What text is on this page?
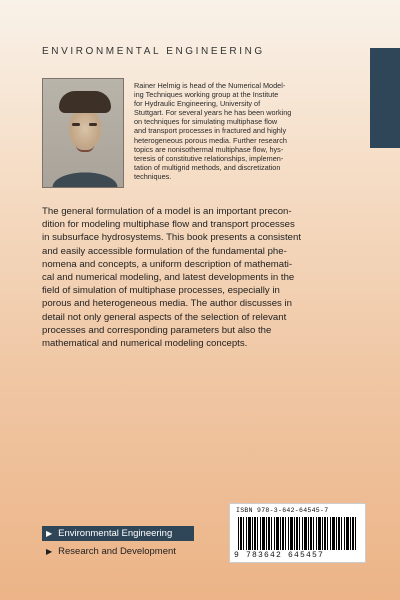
ENVIRONMENTAL ENGINEERING

Rainer Helmig is head of the Numerical Model-
ing Techniques working group at the Institute
for Hydraulic Engineering, University of
Stuttgart. For several years he has been working
on techniques for simulating multiphase flow
and transport processes in fractured and highly
heterogeneous porous media. Further research
topics are nonisothermal multiphase flow, hys-
teresis of constitutive relationships, implemen-
tation of multigrid methods, and discretization
techniques.

The general formulation of a model is an important precon-
dition for modeling multiphase flow and transport processes
in subsurface hydrosystems. This book presents a consistent
and easily accessible formulation of the fundamental phe-
nomena and concepts, a uniform description of mathemati-
cal and numerical modeling, and latest developments in the
field of simulation of multiphase processes, especially in
porous and heterogeneous media. The author discusses in
detail not only general aspects of the selection of relevant
processes and corresponding parameters but also the
mathematical and numerical modeling concepts.

▶ Environmental Engineering
▶ Research and Development
ISBN 978-3-642-64545-7
9 783642 645457
